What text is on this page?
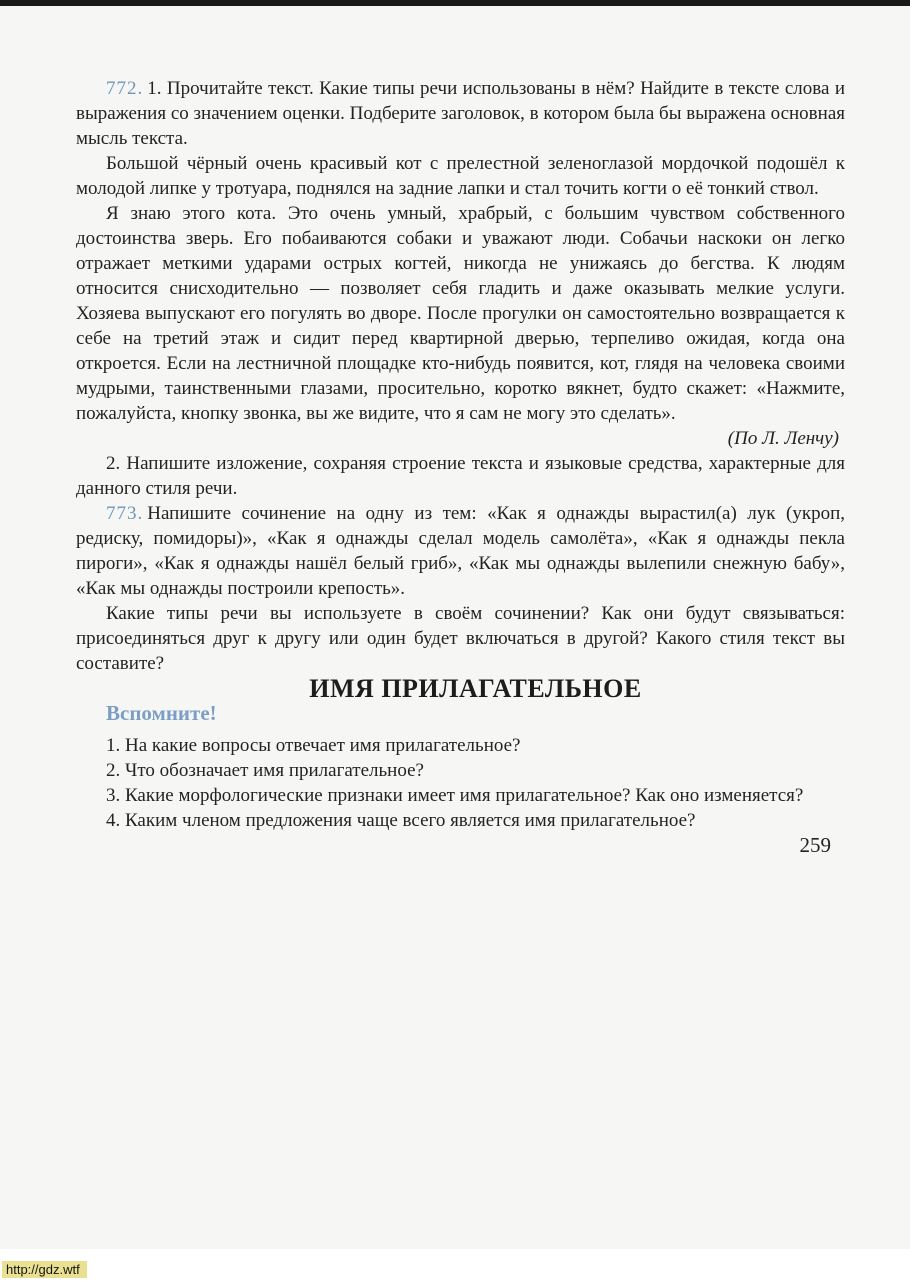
772. 1. Прочитайте текст. Какие типы речи использованы в нём? Найдите в тексте слова и выражения со значением оценки. Подберите заголовок, в котором была бы выражена основная мысль текста.

Большой чёрный очень красивый кот с прелестной зеленоглазой мордочкой подошёл к молодой липке у тротуара, поднялся на задние лапки и стал точить когти о её тонкий ствол.

Я знаю этого кота. Это очень умный, храбрый, с большим чувством собственного достоинства зверь. Его побаиваются собаки и уважают люди. Собачьи наскоки он легко отражает меткими ударами острых когтей, никогда не унижаясь до бегства. К людям относится снисходительно — позволяет себя гладить и даже оказывать мелкие услуги. Хозяева выпускают его погулять во дворе. После прогулки он самостоятельно возвращается к себе на третий этаж и сидит перед квартирной дверью, терпеливо ожидая, когда она откроется. Если на лестничной площадке кто-нибудь появится, кот, глядя на человека своими мудрыми, таинственными глазами, просительно, коротко вякнет, будто скажет: «Нажмите, пожалуйста, кнопку звонка, вы же видите, что я сам не могу это сделать».

(По Л. Ленчу)

2. Напишите изложение, сохраняя строение текста и языковые средства, характерные для данного стиля речи.

773. Напишите сочинение на одну из тем: «Как я однажды вырастил(а) лук (укроп, редиску, помидоры)», «Как я однажды сделал модель самолёта», «Как я однажды пекла пироги», «Как я однажды нашёл белый гриб», «Как мы однажды вылепили снежную бабу», «Как мы однажды построили крепость».

Какие типы речи вы используете в своём сочинении? Как они будут связываться: присоединяться друг к другу или один будет включаться в другой? Какого стиля текст вы составите?

ИМЯ ПРИЛАГАТЕЛЬНОЕ

Вспомните!

1. На какие вопросы отвечает имя прилагательное?

2. Что обозначает имя прилагательное?

3. Какие морфологические признаки имеет имя прилагательное? Как оно изменяется?

4. Каким членом предложения чаще всего является имя прилагательное?

259

http://gdz.wtf
